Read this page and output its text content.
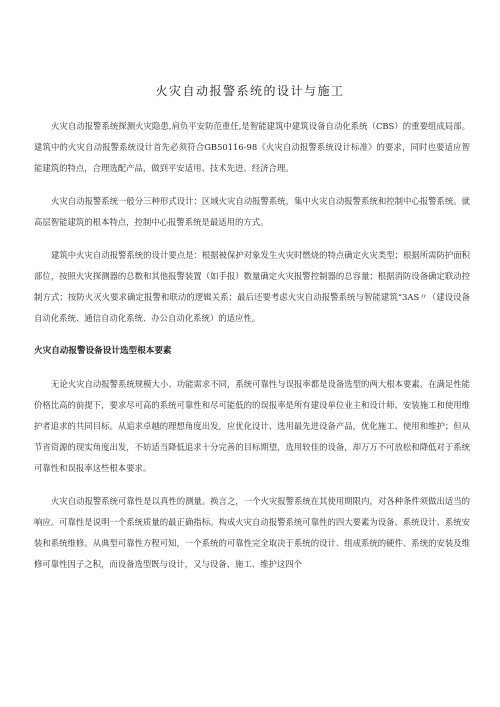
火灾自动报警系统的设计与施工

火灾自动报警系统探测火灾隐患,肩负平安防范重任,是智能建筑中建筑设备自动化系统（CBS）的重要组成局部。建筑中的火灾自动报警系统设计首先必须符合GB50116-98《火灾自动报警系统设计标准》的要求，同时也要适应智能建筑的特点，合理选配产品，做到平安适用、技术先进、经济合理。

火灾自动报警系统一般分三种形式设计：区域火灾自动报警系统，集中火灾自动报警系统和控制中心报警系统。就高层智能建筑的根本特点，控制中心报警系统是最适用的方式。

建筑中火灾自动报警系统的设计要点是：根据被保护对象发生火灾时燃烧的特点确定火灾类型；根据所需防护面积部位，按照火灾探测器的总数和其他报警装置（如手报）数量确定火灾报警控制器的总容量；根据消防设备确定联动控制方式；按防火灭火要求确定报警和联动的逻辑关系；最后还要考虑火灾自动报警系统与智能建筑“3AS〃（建设设备自动化系统、通信自动化系统、办公自动化系统）的适应性。

火灾自动报警设备设计选型根本要素

无论火灾自动报警系统规模大小、功能需求不同，系统可靠性与误报率都是设备选型的两大根本要素、在满足性能价格比高的前提下，要求尽可高的系统可靠性和尽可能低的的误报率是所有建设单位业主和设计师、安装施工和使用维护者追求的共同目标。从追求卓越的理想角度出发，应优化设计、选用最先进设备产品，优化施工、使用和维护；但从节省资源的现实角度出发，不妨适当降低追求十分完善的目标期望，选用较佳的设备，却万万不可放松和降低对于系统可靠性和误报率这些根本要求。

火灾自动报警系统可靠性是以真性的测量。换言之，一个火灾报警系统在其使用期限内，对各种条件须做出适当的响应。可靠性是说明一个系统质量的最正确指标。构成火灾自动报警系统可靠性的四大要素为设备、系统设计、系统安装和系统维修。从典型可靠性方程可知，一个系统的可靠性完全取决于系统的设计、组成系统的硬件、系统的安装及维修可靠性因子之积，而设备选型既与设计，又与设备、施工、维护这四个
